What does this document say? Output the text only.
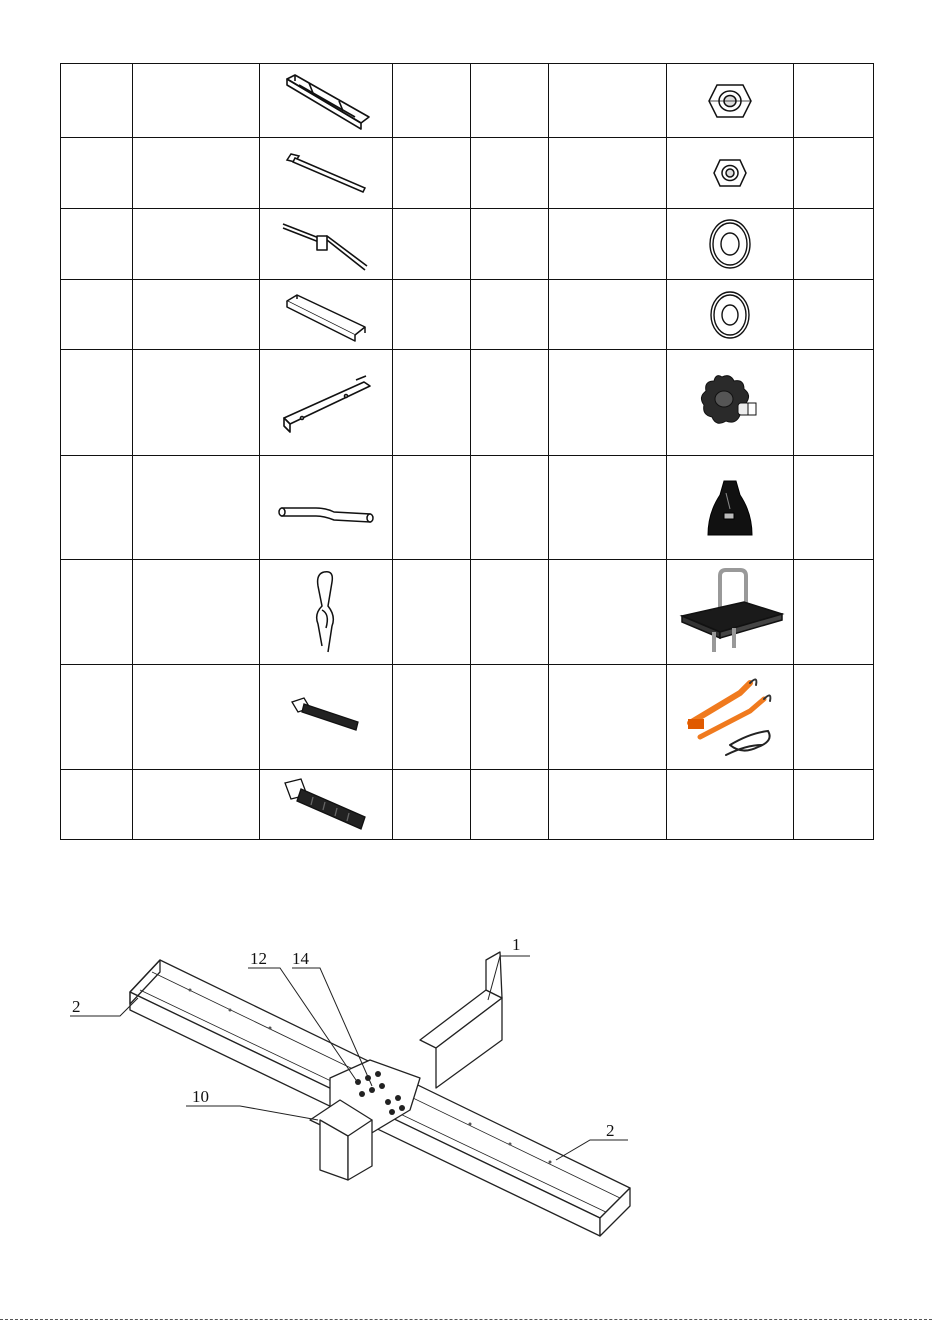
2
1
12 14
10
2
